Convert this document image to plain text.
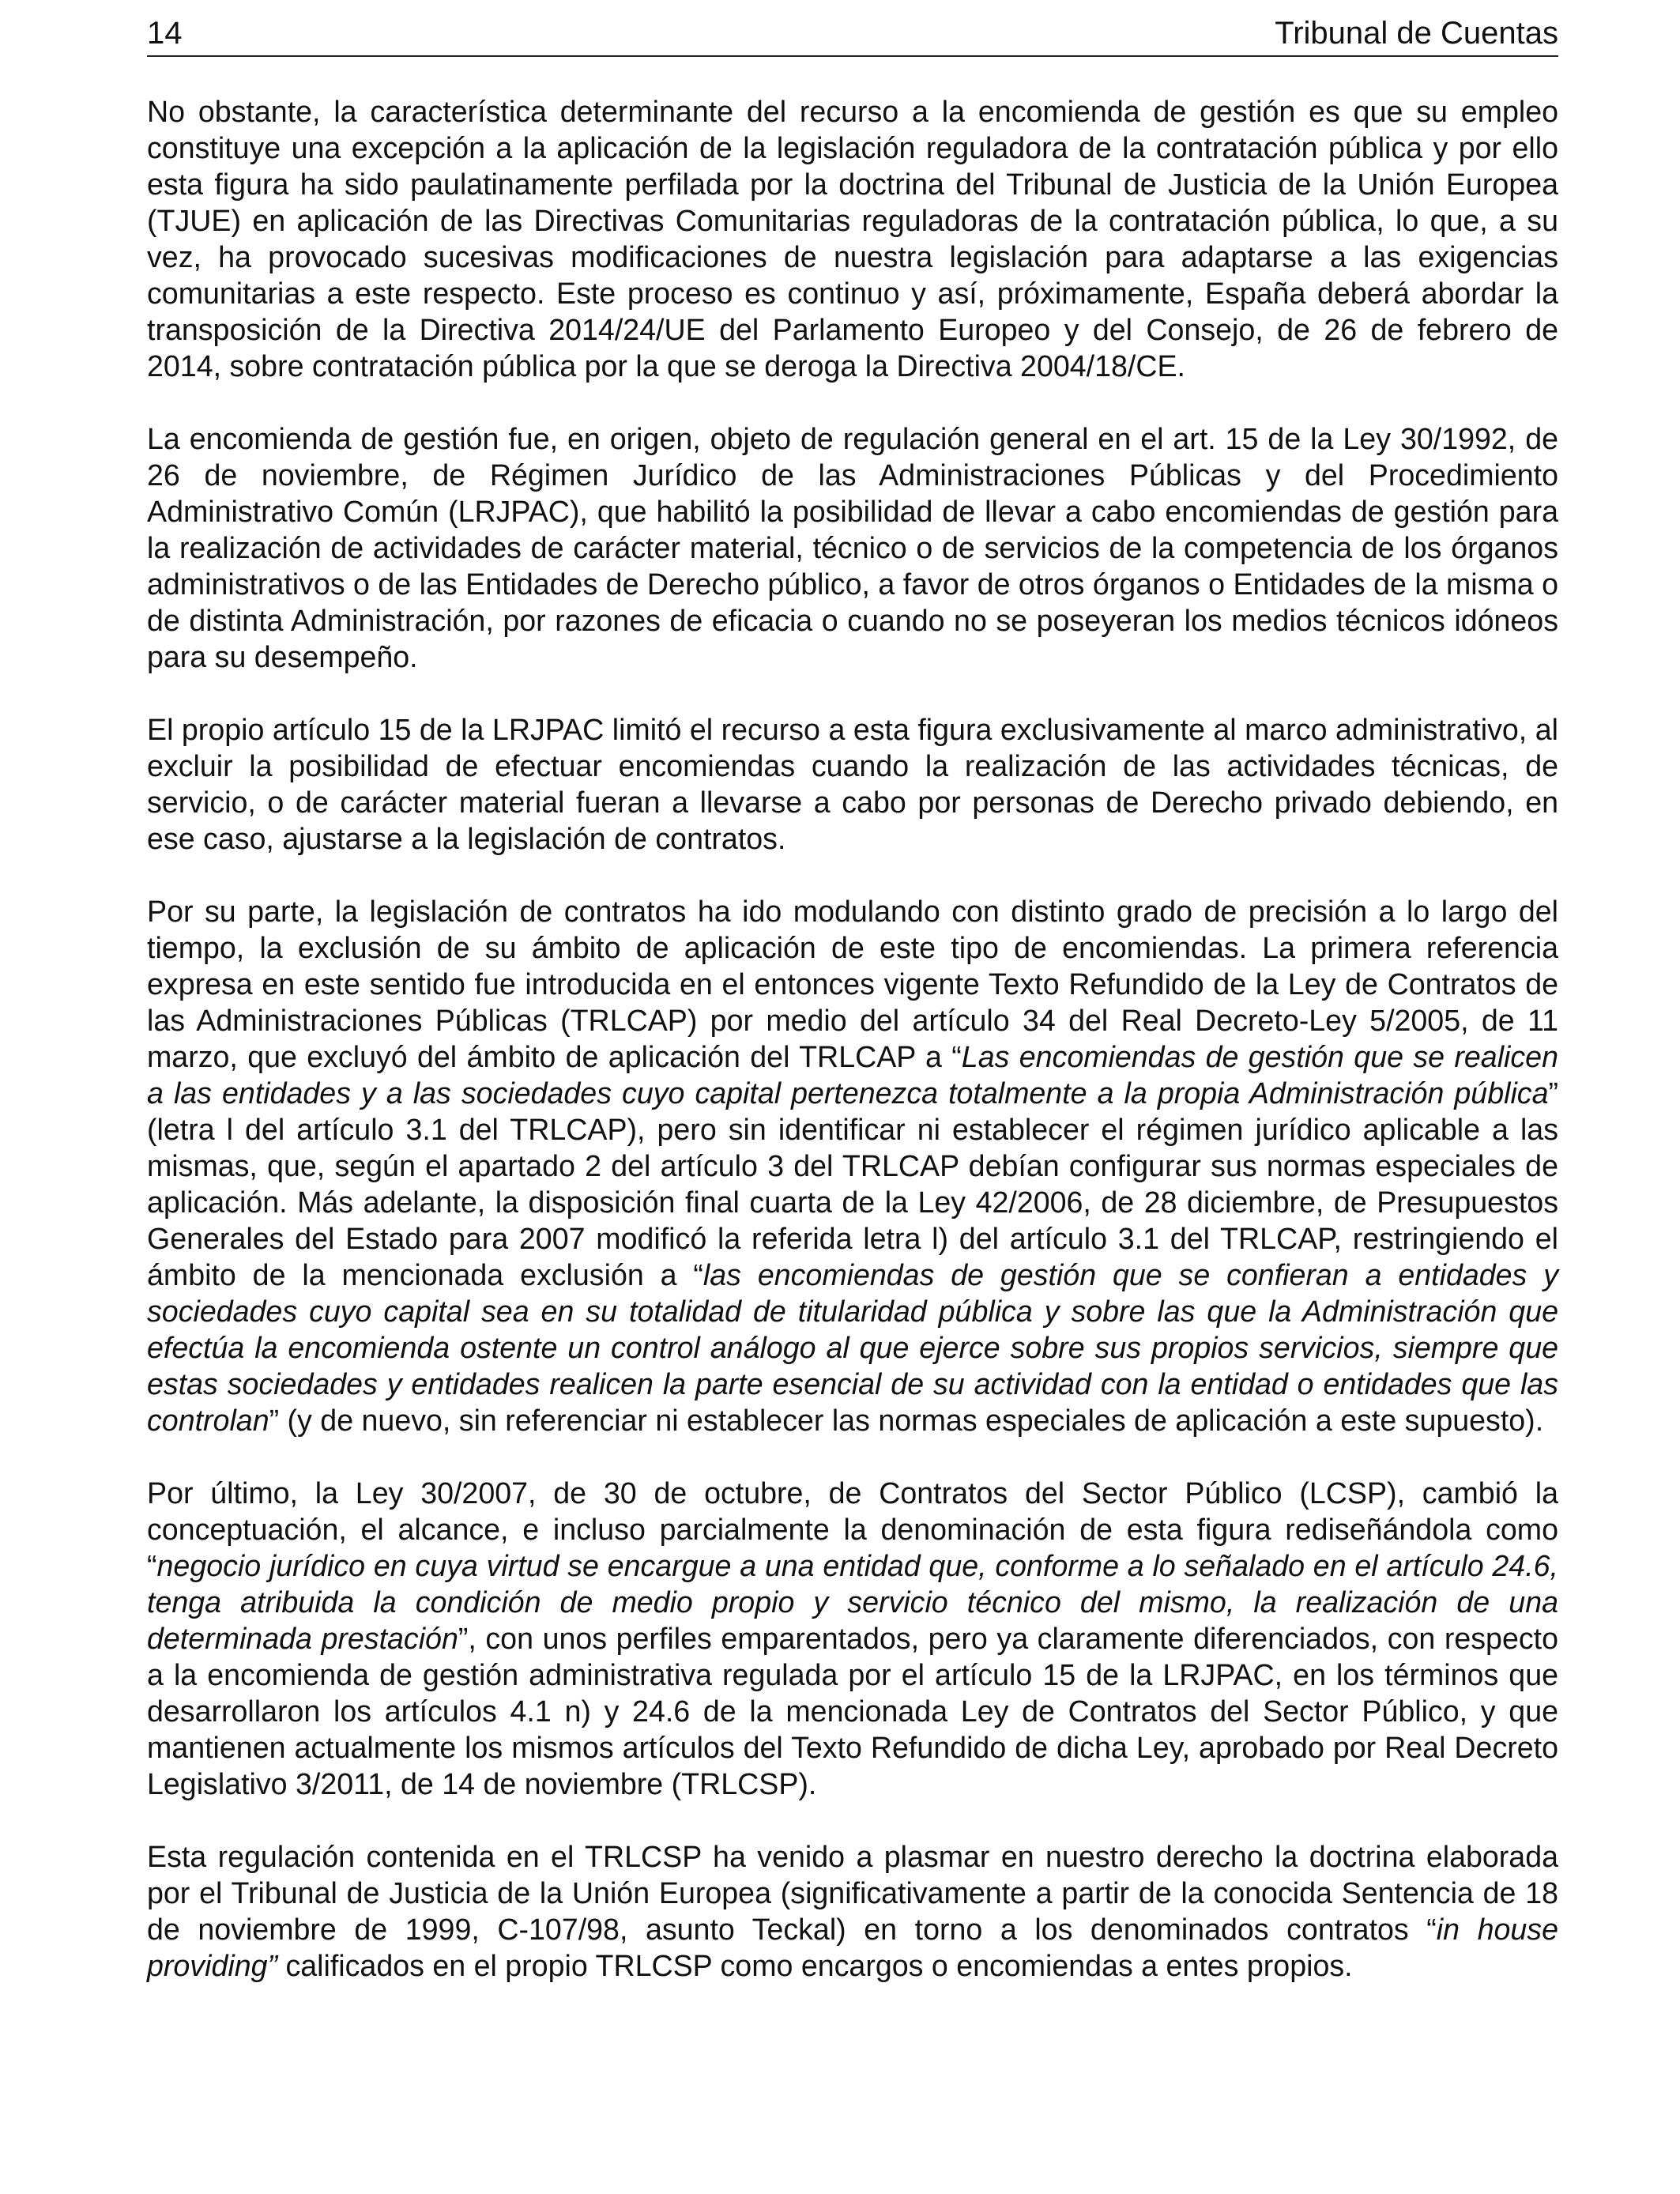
14	Tribunal de Cuentas

No obstante, la característica determinante del recurso a la encomienda de gestión es que su empleo constituye una excepción a la aplicación de la legislación reguladora de la contratación pública y por ello esta figura ha sido paulatinamente perfilada por la doctrina del Tribunal de Justicia de la Unión Europea (TJUE) en aplicación de las Directivas Comunitarias reguladoras de la contratación pública, lo que, a su vez, ha provocado sucesivas modificaciones de nuestra legislación para adaptarse a las exigencias comunitarias a este respecto. Este proceso es continuo y así, próximamente, España deberá abordar la transposición de la Directiva 2014/24/UE del Parlamento Europeo y del Consejo, de 26 de febrero de 2014, sobre contratación pública por la que se deroga la Directiva 2004/18/CE.

La encomienda de gestión fue, en origen, objeto de regulación general en el art. 15 de la Ley 30/1992, de 26 de noviembre, de Régimen Jurídico de las Administraciones Públicas y del Procedimiento Administrativo Común (LRJPAC), que habilitó la posibilidad de llevar a cabo encomiendas de gestión para la realización de actividades de carácter material, técnico o de servicios de la competencia de los órganos administrativos o de las Entidades de Derecho público, a favor de otros órganos o Entidades de la misma o de distinta Administración, por razones de eficacia o cuando no se poseyeran los medios técnicos idóneos para su desempeño.

El propio artículo 15 de la LRJPAC limitó el recurso a esta figura exclusivamente al marco administrativo, al excluir la posibilidad de efectuar encomiendas cuando la realización de las actividades técnicas, de servicio, o de carácter material fueran a llevarse a cabo por personas de Derecho privado debiendo, en ese caso, ajustarse a la legislación de contratos.

Por su parte, la legislación de contratos ha ido modulando con distinto grado de precisión a lo largo del tiempo, la exclusión de su ámbito de aplicación de este tipo de encomiendas. La primera referencia expresa en este sentido fue introducida en el entonces vigente Texto Refundido de la Ley de Contratos de las Administraciones Públicas (TRLCAP) por medio del artículo 34 del Real Decreto-Ley 5/2005, de 11 marzo, que excluyó del ámbito de aplicación del TRLCAP a “Las encomiendas de gestión que se realicen a las entidades y a las sociedades cuyo capital pertenezca totalmente a la propia Administración pública” (letra l del artículo 3.1 del TRLCAP), pero sin identificar ni establecer el régimen jurídico aplicable a las mismas, que, según el apartado 2 del artículo 3 del TRLCAP debían configurar sus normas especiales de aplicación. Más adelante, la disposición final cuarta de la Ley 42/2006, de 28 diciembre, de Presupuestos Generales del Estado para 2007 modificó la referida letra l) del artículo 3.1 del TRLCAP, restringiendo el ámbito de la mencionada exclusión a “las encomiendas de gestión que se confieran a entidades y sociedades cuyo capital sea en su totalidad de titularidad pública y sobre las que la Administración que efectúa la encomienda ostente un control análogo al que ejerce sobre sus propios servicios, siempre que estas sociedades y entidades realicen la parte esencial de su actividad con la entidad o entidades que las controlan” (y de nuevo, sin referenciar ni establecer las normas especiales de aplicación a este supuesto).

Por último, la Ley 30/2007, de 30 de octubre, de Contratos del Sector Público (LCSP), cambió la conceptuación, el alcance, e incluso parcialmente la denominación de esta figura rediseñándola como “negocio jurídico en cuya virtud se encargue a una entidad que, conforme a lo señalado en el artículo 24.6, tenga atribuida la condición de medio propio y servicio técnico del mismo, la realización de una determinada prestación”, con unos perfiles emparentados, pero ya claramente diferenciados, con respecto a la encomienda de gestión administrativa regulada por el artículo 15 de la LRJPAC, en los términos que desarrollaron los artículos 4.1 n) y 24.6 de la mencionada Ley de Contratos del Sector Público, y que mantienen actualmente los mismos artículos del Texto Refundido de dicha Ley, aprobado por Real Decreto Legislativo 3/2011, de 14 de noviembre (TRLCSP).

Esta regulación contenida en el TRLCSP ha venido a plasmar en nuestro derecho la doctrina elaborada por el Tribunal de Justicia de la Unión Europea (significativamente a partir de la conocida Sentencia de 18 de noviembre de 1999, C-107/98, asunto Teckal) en torno a los denominados contratos “in house providing” calificados en el propio TRLCSP como encargos o encomiendas a entes propios.
